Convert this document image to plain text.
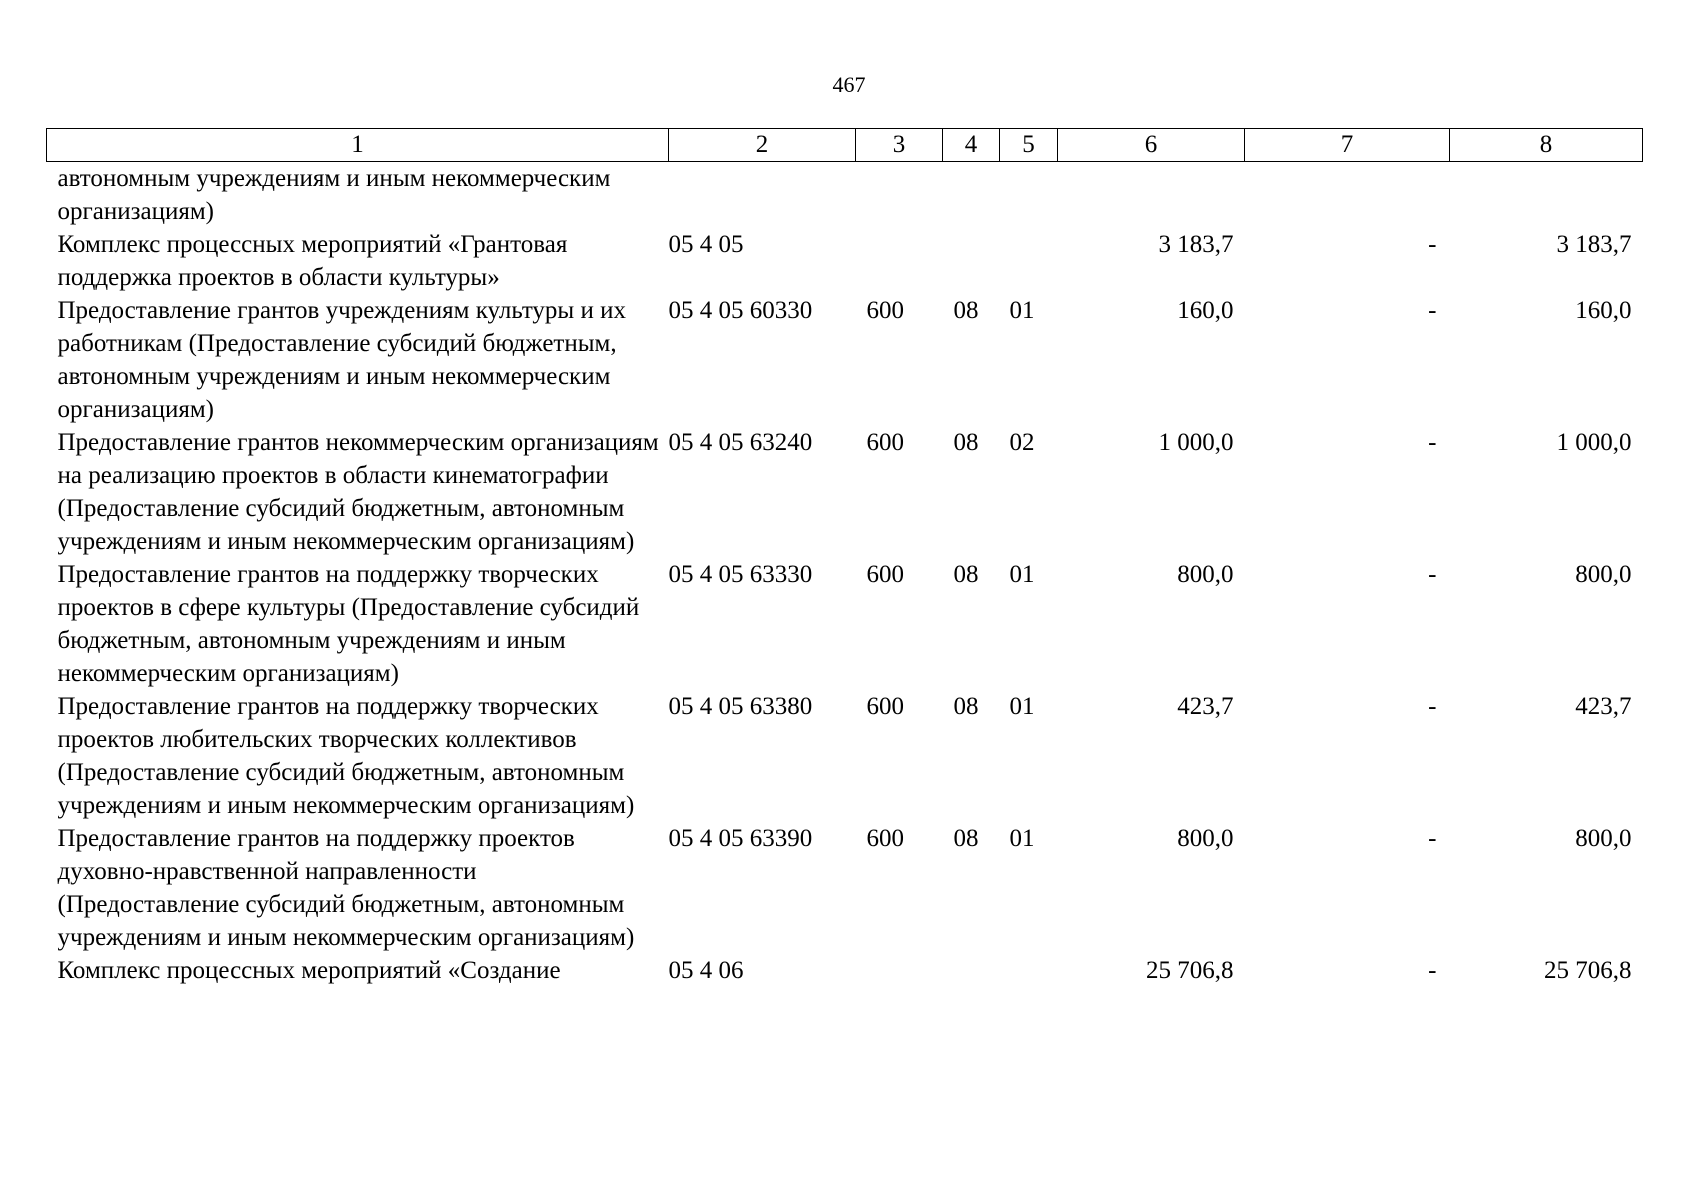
467
1	2	3	4	5	6	7	8
автономным учреждениям и иным некоммерческим организациям)							
Комплекс процессных мероприятий «Грантовая поддержка проектов в области культуры»	05 4 05				3 183,7	-	3 183,7
Предоставление грантов учреждениям культуры и их работникам (Предоставление субсидий бюджетным, автономным учреждениям и иным некоммерческим организациям)	05 4 05 60330	600	08	01	160,0	-	160,0
Предоставление грантов некоммерческим организациям на реализацию проектов в области кинематографии (Предоставление субсидий бюджетным, автономным учреждениям и иным некоммерческим организациям)	05 4 05 63240	600	08	02	1 000,0	-	1 000,0
Предоставление грантов на поддержку творческих проектов в сфере культуры (Предоставление субсидий бюджетным, автономным учреждениям и иным некоммерческим организациям)	05 4 05 63330	600	08	01	800,0	-	800,0
Предоставление грантов на поддержку творческих проектов любительских творческих коллективов (Предоставление субсидий бюджетным, автономным учреждениям и иным некоммерческим организациям)	05 4 05 63380	600	08	01	423,7	-	423,7
Предоставление грантов на поддержку проектов духовно-нравственной направленности (Предоставление субсидий бюджетным, автономным учреждениям и иным некоммерческим организациям)	05 4 05 63390	600	08	01	800,0	-	800,0
Комплекс процессных мероприятий «Создание	05 4 06				25 706,8	-	25 706,8
